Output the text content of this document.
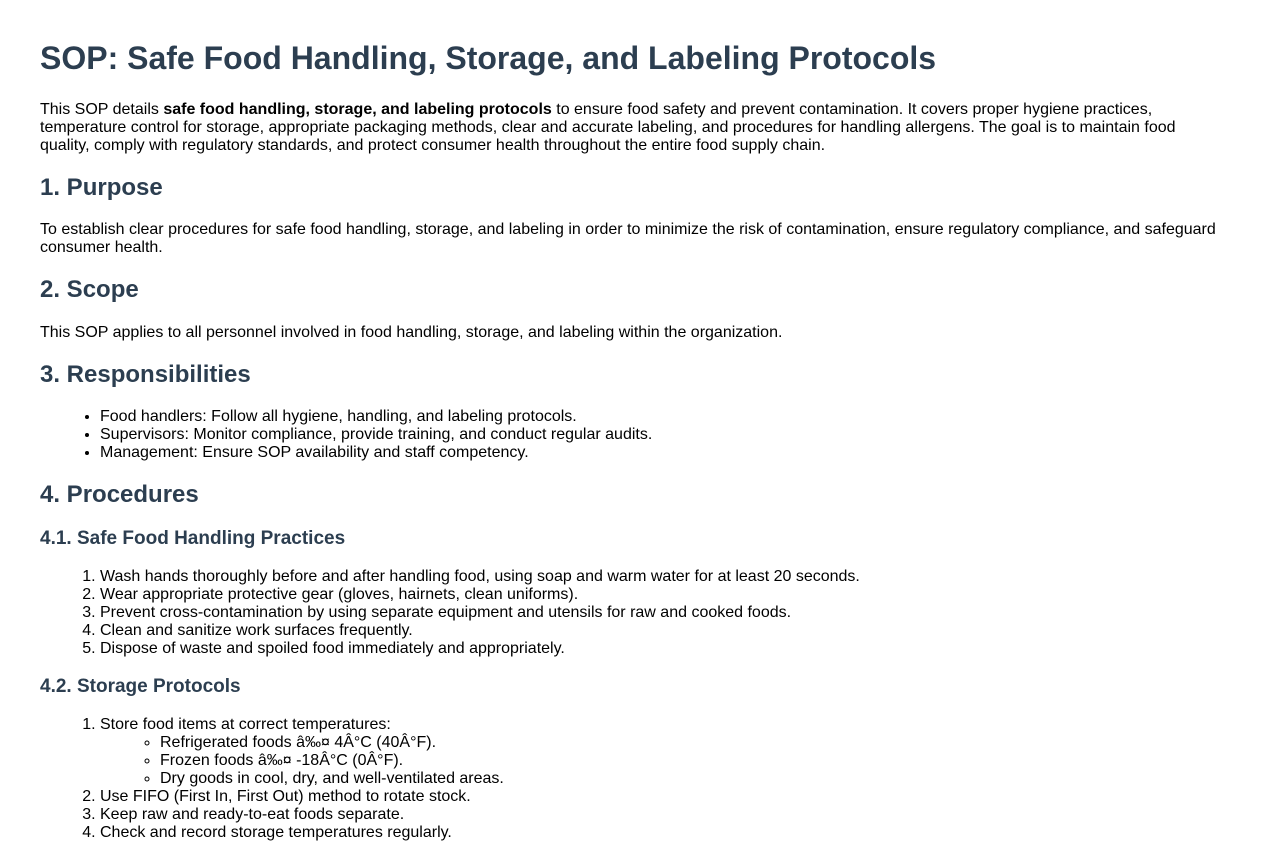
SOP: Safe Food Handling, Storage, and Labeling Protocols

This SOP details safe food handling, storage, and labeling protocols to ensure food safety and prevent contamination. It covers proper hygiene practices, temperature control for storage, appropriate packaging methods, clear and accurate labeling, and procedures for handling allergens. The goal is to maintain food quality, comply with regulatory standards, and protect consumer health throughout the entire food supply chain.

1. Purpose

To establish clear procedures for safe food handling, storage, and labeling in order to minimize the risk of contamination, ensure regulatory compliance, and safeguard consumer health.

2. Scope

This SOP applies to all personnel involved in food handling, storage, and labeling within the organization.

3. Responsibilities
• Food handlers: Follow all hygiene, handling, and labeling protocols.
• Supervisors: Monitor compliance, provide training, and conduct regular audits.
• Management: Ensure SOP availability and staff competency.
4. Procedures
4.1. Safe Food Handling Practices
1. Wash hands thoroughly before and after handling food, using soap and warm water for at least 20 seconds.
2. Wear appropriate protective gear (gloves, hairnets, clean uniforms).
3. Prevent cross-contamination by using separate equipment and utensils for raw and cooked foods.
4. Clean and sanitize work surfaces frequently.
5. Dispose of waste and spoiled food immediately and appropriately.
4.2. Storage Protocols
1. Store food items at correct temperatures:
◦ Refrigerated foods â‰¤ 4Â°C (40Â°F).
◦ Frozen foods â‰¤ -18Â°C (0Â°F).
◦ Dry goods in cool, dry, and well-ventilated areas.
2. Use FIFO (First In, First Out) method to rotate stock.
3. Keep raw and ready-to-eat foods separate.
4. Check and record storage temperatures regularly.
